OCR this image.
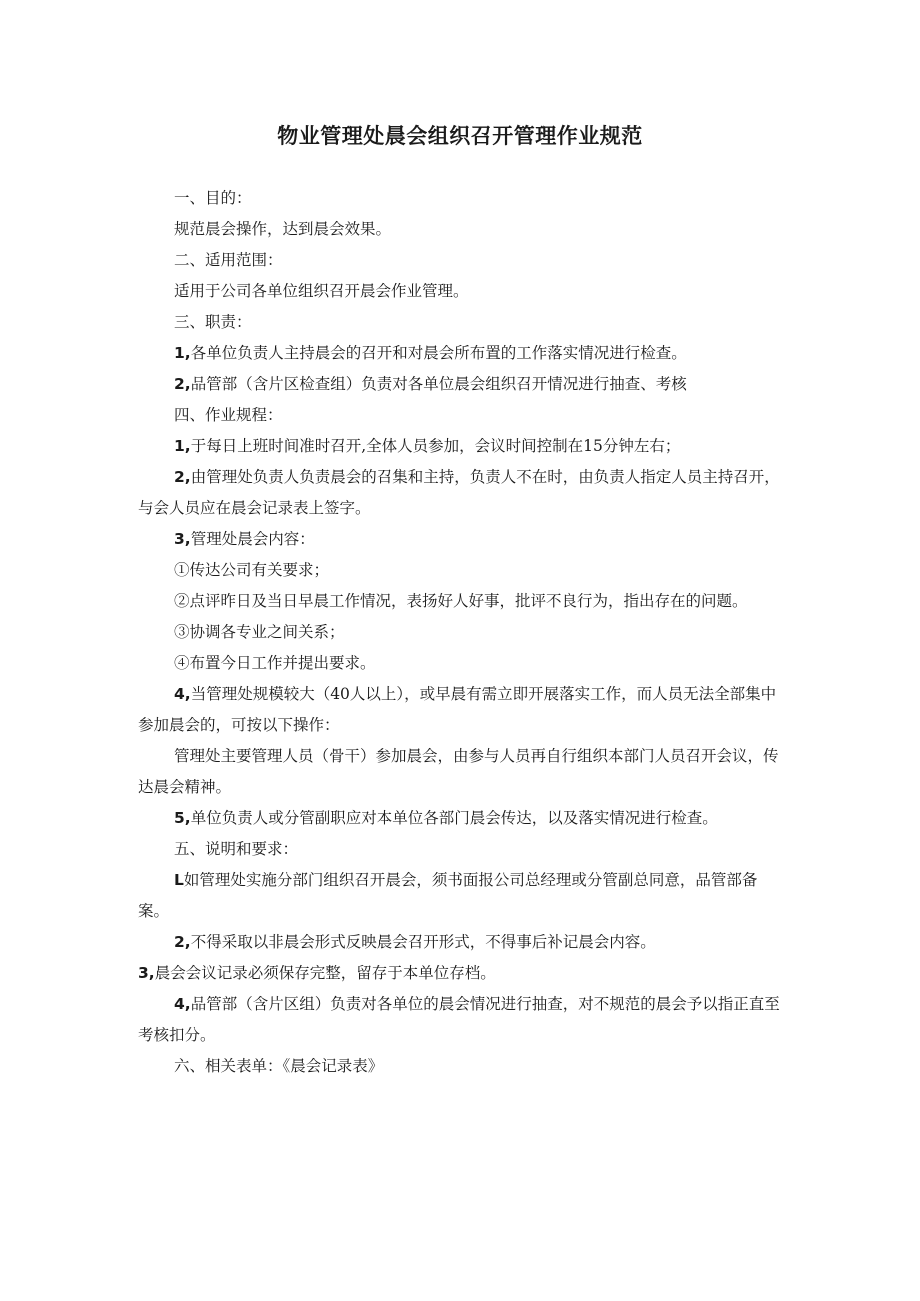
物业管理处晨会组织召开管理作业规范

一、目的：

规范晨会操作，达到晨会效果。

二、适用范围：

适用于公司各单位组织召开晨会作业管理。

三、职责：

1,各单位负责人主持晨会的召开和对晨会所布置的工作落实情况进行检查。

2,品管部（含片区检查组）负责对各单位晨会组织召开情况进行抽查、考核

四、作业规程：

1,于每日上班时间准时召开,全体人员参加，会议时间控制在15分钟左右；

2,由管理处负责人负责晨会的召集和主持，负责人不在时，由负责人指定人员主持召开，与会人员应在晨会记录表上签字。

3,管理处晨会内容：

①传达公司有关要求；

②点评昨日及当日早晨工作情况，表扬好人好事，批评不良行为，指出存在的问题。

③协调各专业之间关系；

④布置今日工作并提出要求。

4,当管理处规模较大（40人以上），或早晨有需立即开展落实工作，而人员无法全部集中参加晨会的，可按以下操作：

管理处主要管理人员（骨干）参加晨会，由参与人员再自行组织本部门人员召开会议，传达晨会精神。

5,单位负责人或分管副职应对本单位各部门晨会传达，以及落实情况进行检查。

五、说明和要求：

L如管理处实施分部门组织召开晨会，须书面报公司总经理或分管副总同意，品管部备案。

2,不得采取以非晨会形式反映晨会召开形式，不得事后补记晨会内容。

3,晨会会议记录必须保存完整，留存于本单位存档。

4,品管部（含片区组）负责对各单位的晨会情况进行抽查，对不规范的晨会予以指正直至考核扣分。

六、相关表单：《晨会记录表》
